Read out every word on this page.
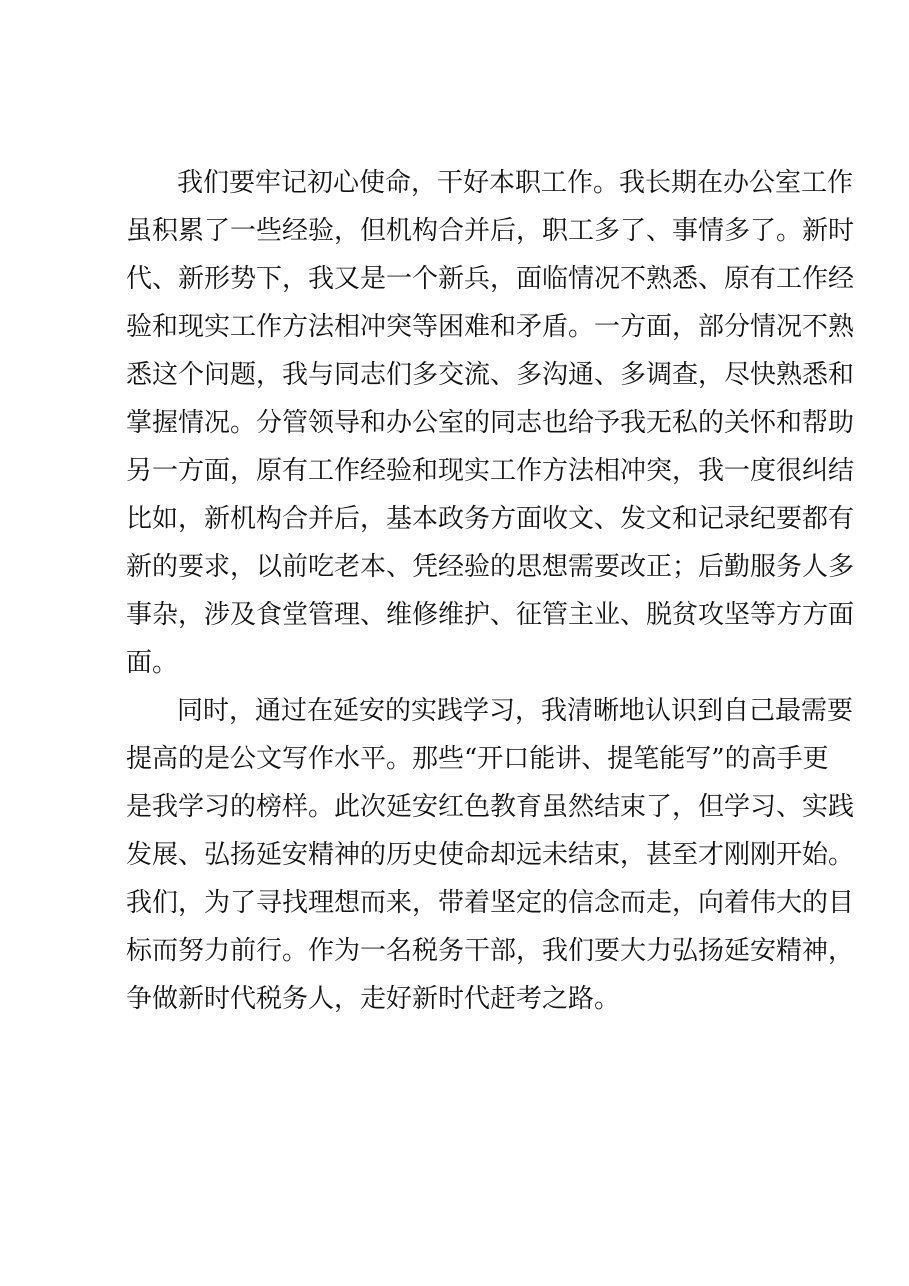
我们要牢记初心使命，干好本职工作。我长期在办公室工作
虽积累了一些经验，但机构合并后，职工多了、事情多了。新时
代、新形势下，我又是一个新兵，面临情况不熟悉、原有工作经
验和现实工作方法相冲突等困难和矛盾。一方面，部分情况不熟
悉这个问题，我与同志们多交流、多沟通、多调查，尽快熟悉和
掌握情况。分管领导和办公室的同志也给予我无私的关怀和帮助
另一方面，原有工作经验和现实工作方法相冲突，我一度很纠结
比如，新机构合并后，基本政务方面收文、发文和记录纪要都有
新的要求，以前吃老本、凭经验的思想需要改正；后勤服务人多
事杂，涉及食堂管理、维修维护、征管主业、脱贫攻坚等方方面
面。
同时，通过在延安的实践学习，我清晰地认识到自己最需要
提高的是公文写作水平。那些“开口能讲、提笔能写”的高手更
是我学习的榜样。此次延安红色教育虽然结束了，但学习、实践
发展、弘扬延安精神的历史使命却远未结束，甚至才刚刚开始。
我们，为了寻找理想而来，带着坚定的信念而走，向着伟大的目
标而努力前行。作为一名税务干部，我们要大力弘扬延安精神，
争做新时代税务人，走好新时代赶考之路。
